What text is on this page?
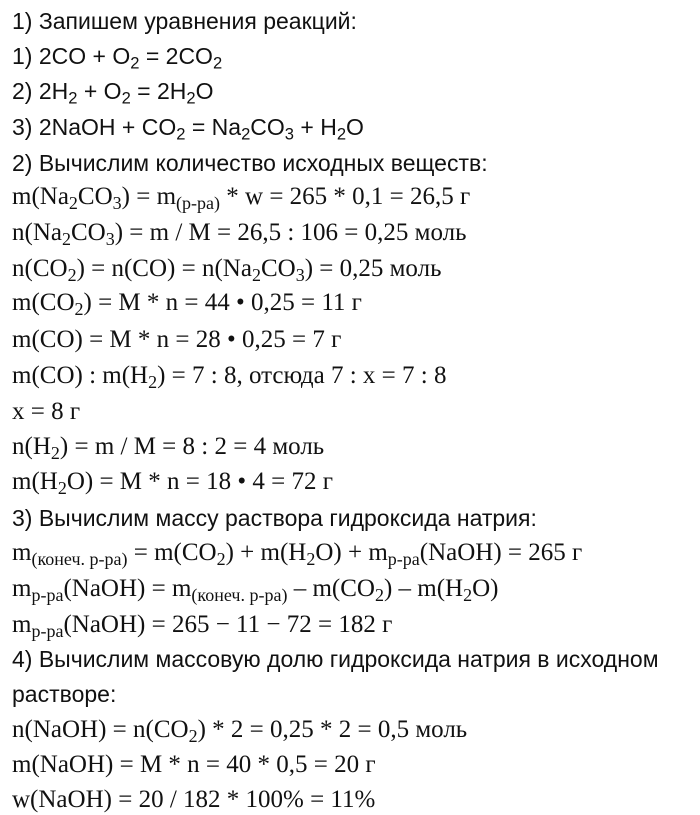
1) Запишем уравнения реакций:
1) $2CO + O_2 = 2CO_2$
2) $2H_2 + O_2 = 2H_2O$
3) 2NaOH + $CO_2 = Na_2CO_3 + H_2O$
2) Вычислим количество исходных веществ:
$m(Na_2CO_3) = m_{(р-ра)} * w = 265 * 0,1 = 26,5$ г
$n(Na_2CO_3) = m / M = 26,5$ : 106 = 0,25 моль
$n(CO_2) = n(CO) = n(Na_2CO_3) = 0,25$ моль
$m(CO_2) = M * n = 44$ • 0,25 = 11 г
m(CO) = M * n = 28 • 0,25 = 7 г
m(CO) : $m(H_2) = 7$ : 8, отсюда 7 : x = 7 : 8
x = 8 г
$n(H_2) = m / M = 8$ : 2 = 4 моль
$m(H_2O) = M * n = 18$ • 4 = 72 г
3) Вычислим массу раствора гидроксида натрия:
$m_{(конеч. р-ра)} = m(CO_2) + m(H_2O)$ + $m_{р-ра}(NaOH) = 265$ г
$m_{р-ра}(NaOH) = m_{(конеч. р-ра)} - m(CO_2) - m(H_2O)$
$m_{р-ра}(NaOH) = 265 - 11 - 72 = 182$ г
4) Вычислим массовую долю гидроксида натрия в исходном
растворе:
n(NaOH) = $n(CO_2) * 2 = 0,25 * 2 = 0,5$ моль
m(NaOH) = M * n = 40 * 0,5 = 20 г
w(NaOH) = 20 / 182 * 100% = 11%
